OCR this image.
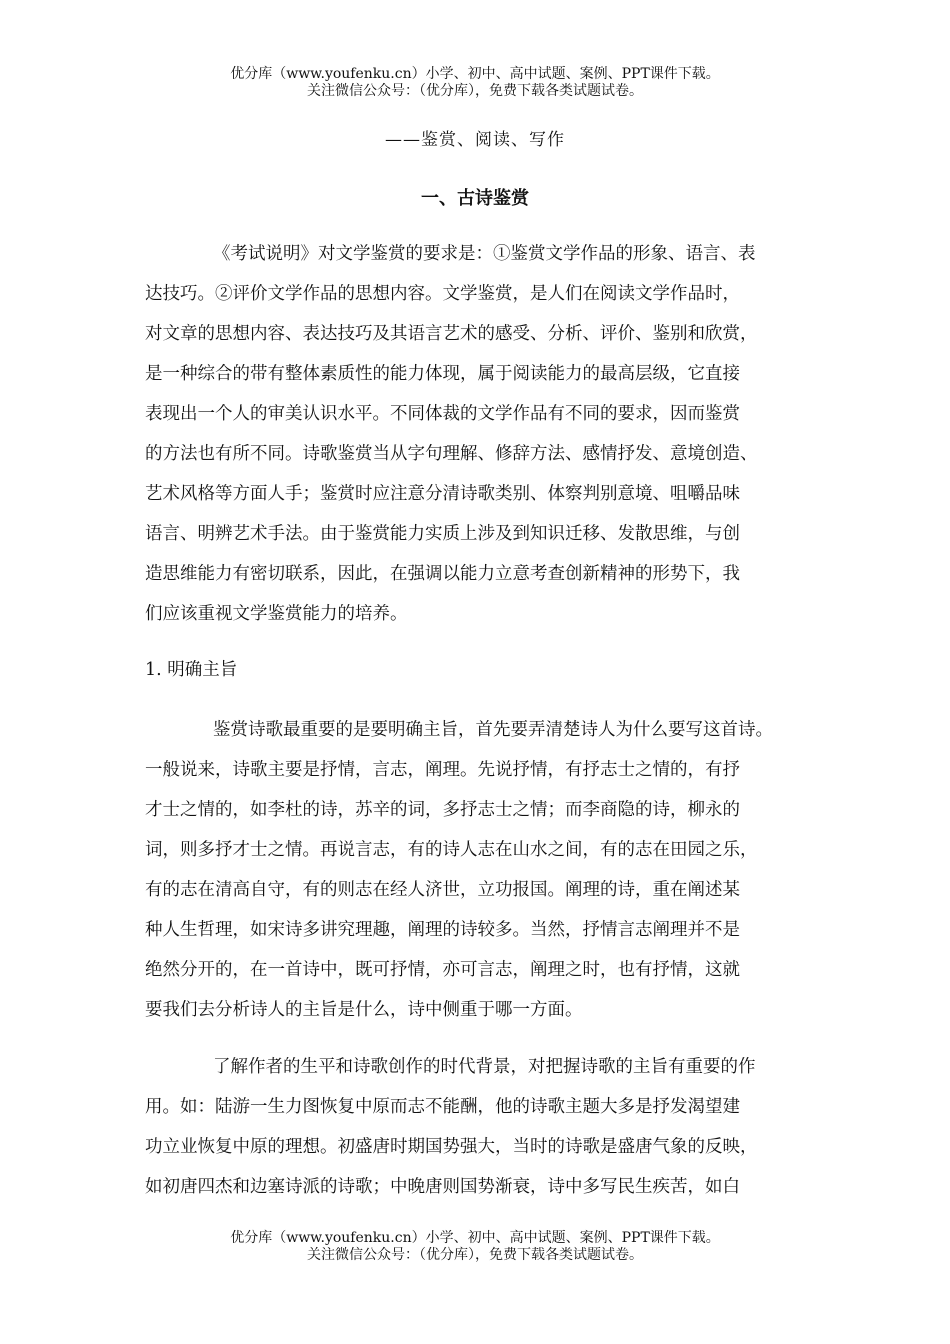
优分库（www.youfenku.cn）小学、初中、高中试题、案例、PPT课件下载。
关注微信公众号：（优分库），免费下载各类试题试卷。
——鉴赏、阅读、写作
一、古诗鉴赏
《考试说明》对文学鉴赏的要求是：①鉴赏文学作品的形象、语言、表
达技巧。②评价文学作品的思想内容。文学鉴赏，是人们在阅读文学作品时，
对文章的思想内容、表达技巧及其语言艺术的感受、分析、评价、鉴别和欣赏，
是一种综合的带有整体素质性的能力体现，属于阅读能力的最高层级，它直接
表现出一个人的审美认识水平。不同体裁的文学作品有不同的要求，因而鉴赏
的方法也有所不同。诗歌鉴赏当从字句理解、修辞方法、感情抒发、意境创造、
艺术风格等方面人手；鉴赏时应注意分清诗歌类别、体察判别意境、咀嚼品味
语言、明辨艺术手法。由于鉴赏能力实质上涉及到知识迁移、发散思维，与创
造思维能力有密切联系，因此，在强调以能力立意考查创新精神的形势下，我
们应该重视文学鉴赏能力的培养。
1. 明确主旨
鉴赏诗歌最重要的是要明确主旨，首先要弄清楚诗人为什么要写这首诗。
一般说来，诗歌主要是抒情，言志，阐理。先说抒情，有抒志士之情的，有抒
才士之情的，如李杜的诗，苏辛的词，多抒志士之情；而李商隐的诗，柳永的
词，则多抒才士之情。再说言志，有的诗人志在山水之间，有的志在田园之乐，
有的志在清高自守，有的则志在经人济世，立功报国。阐理的诗，重在阐述某
种人生哲理，如宋诗多讲究理趣，阐理的诗较多。当然，抒情言志阐理并不是
绝然分开的，在一首诗中，既可抒情，亦可言志，阐理之时，也有抒情，这就
要我们去分析诗人的主旨是什么，诗中侧重于哪一方面。
了解作者的生平和诗歌创作的时代背景，对把握诗歌的主旨有重要的作
用。如：陆游一生力图恢复中原而志不能酬，他的诗歌主题大多是抒发渴望建
功立业恢复中原的理想。初盛唐时期国势强大，当时的诗歌是盛唐气象的反映，
如初唐四杰和边塞诗派的诗歌；中晚唐则国势渐衰，诗中多写民生疾苦，如白
优分库（www.youfenku.cn）小学、初中、高中试题、案例、PPT课件下载。
关注微信公众号：（优分库），免费下载各类试题试卷。
